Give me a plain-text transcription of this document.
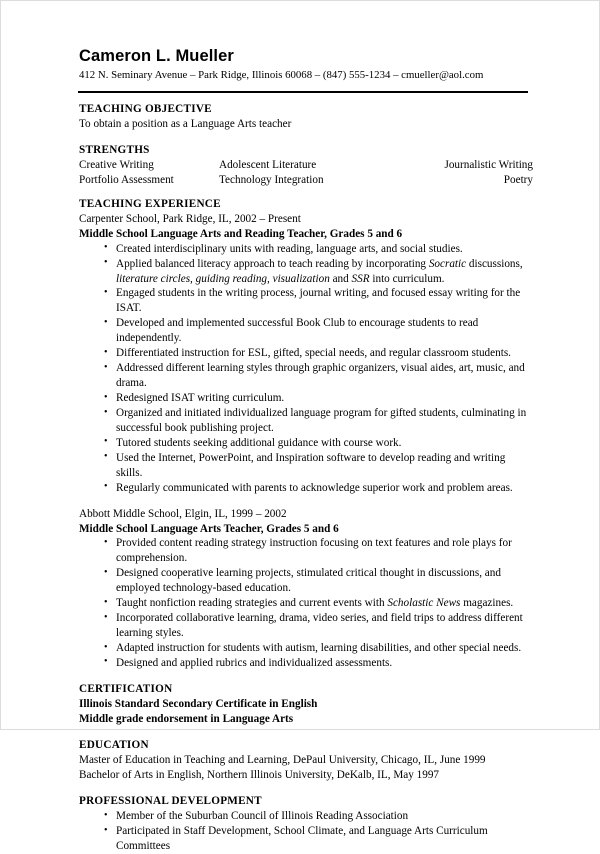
Cameron L. Mueller

412 N. Seminary Avenue – Park Ridge, Illinois 60068 – (847) 555-1234 – cmueller@aol.com

TEACHING OBJECTIVE
To obtain a position as a Language Arts teacher
STRENGTHS
Creative Writing	Adolescent Literature	Journalistic Writing
Portfolio Assessment	Technology Integration	Poetry
TEACHING EXPERIENCE
Carpenter School, Park Ridge, IL, 2002 – Present
Middle School Language Arts and Reading Teacher, Grades 5 and 6
• Created interdisciplinary units with reading, language arts, and social studies.
• Applied balanced literacy approach to teach reading by incorporating Socratic discussions, literature circles, guiding reading, visualization and SSR into curriculum.
• Engaged students in the writing process, journal writing, and focused essay writing for the ISAT.
• Developed and implemented successful Book Club to encourage students to read independently.
• Differentiated instruction for ESL, gifted, special needs, and regular classroom students.
• Addressed different learning styles through graphic organizers, visual aides, art, music, and drama.
• Redesigned ISAT writing curriculum.
• Organized and initiated individualized language program for gifted students, culminating in successful book publishing project.
• Tutored students seeking additional guidance with course work.
• Used the Internet, PowerPoint, and Inspiration software to develop reading and writing skills.
• Regularly communicated with parents to acknowledge superior work and problem areas.
Abbott Middle School, Elgin, IL, 1999 – 2002
Middle School Language Arts Teacher, Grades 5 and 6
• Provided content reading strategy instruction focusing on text features and role plays for comprehension.
• Designed cooperative learning projects, stimulated critical thought in discussions, and employed technology-based education.
• Taught nonfiction reading strategies and current events with Scholastic News magazines.
• Incorporated collaborative learning, drama, video series, and field trips to address different learning styles.
• Adapted instruction for students with autism, learning disabilities, and other special needs.
• Designed and applied rubrics and individualized assessments.
CERTIFICATION
Illinois Standard Secondary Certificate in English
Middle grade endorsement in Language Arts
EDUCATION
Master of Education in Teaching and Learning, DePaul University, Chicago, IL, June 1999
Bachelor of Arts in English, Northern Illinois University, DeKalb, IL, May 1997
PROFESSIONAL DEVELOPMENT
• Member of the Suburban Council of Illinois Reading Association
• Participated in Staff Development, School Climate, and Language Arts Curriculum Committees
